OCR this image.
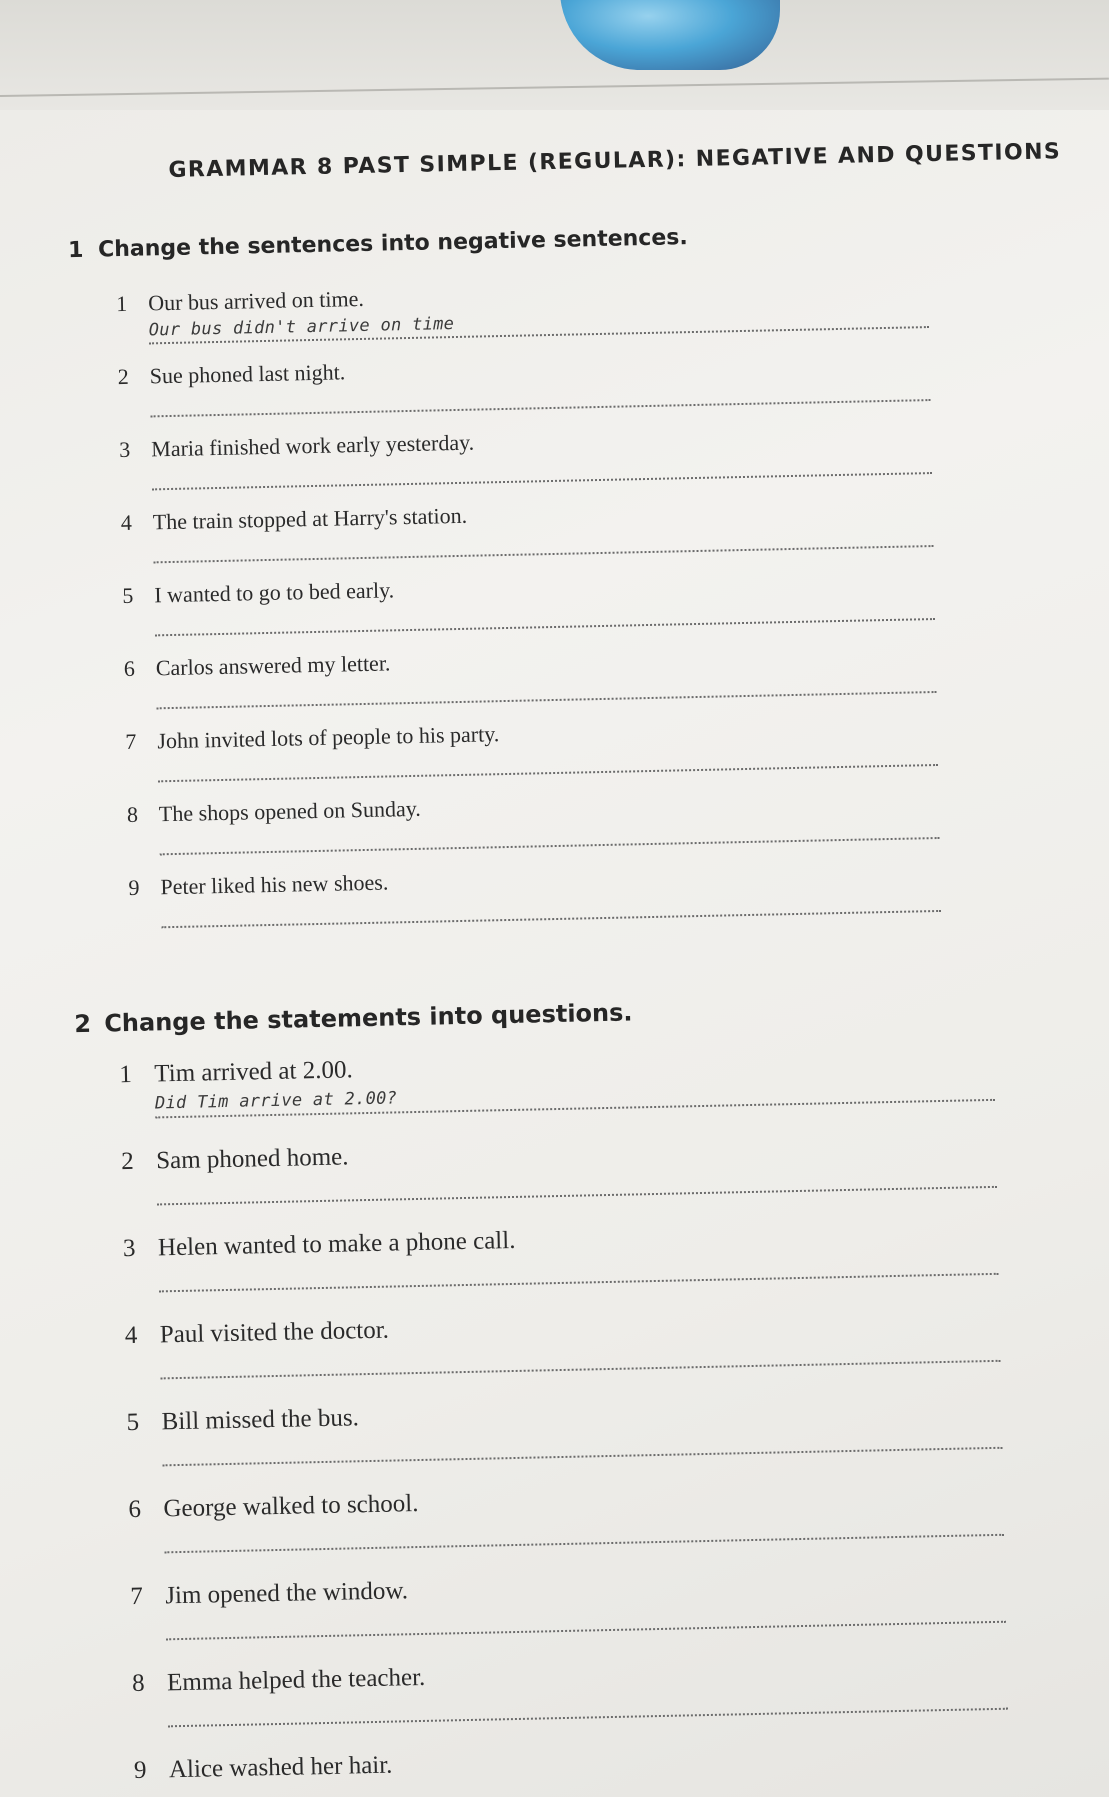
GRAMMAR 8 PAST SIMPLE (REGULAR): NEGATIVE AND QUESTIONS
1 Change the sentences into negative sentences.
1 Our bus arrived on time.
Our bus didn't arrive on time
2 Sue phoned last night.
3 Maria finished work early yesterday.
4 The train stopped at Harry's station.
5 I wanted to go to bed early.
6 Carlos answered my letter.
7 John invited lots of people to his party.
8 The shops opened on Sunday.
9 Peter liked his new shoes.
2 Change the statements into questions.
1 Tim arrived at 2.00.
Did Tim arrive at 2.00?
2 Sam phoned home.
3 Helen wanted to make a phone call.
4 Paul visited the doctor.
5 Bill missed the bus.
6 George walked to school.
7 Jim opened the window.
8 Emma helped the teacher.
9 Alice washed her hair.
